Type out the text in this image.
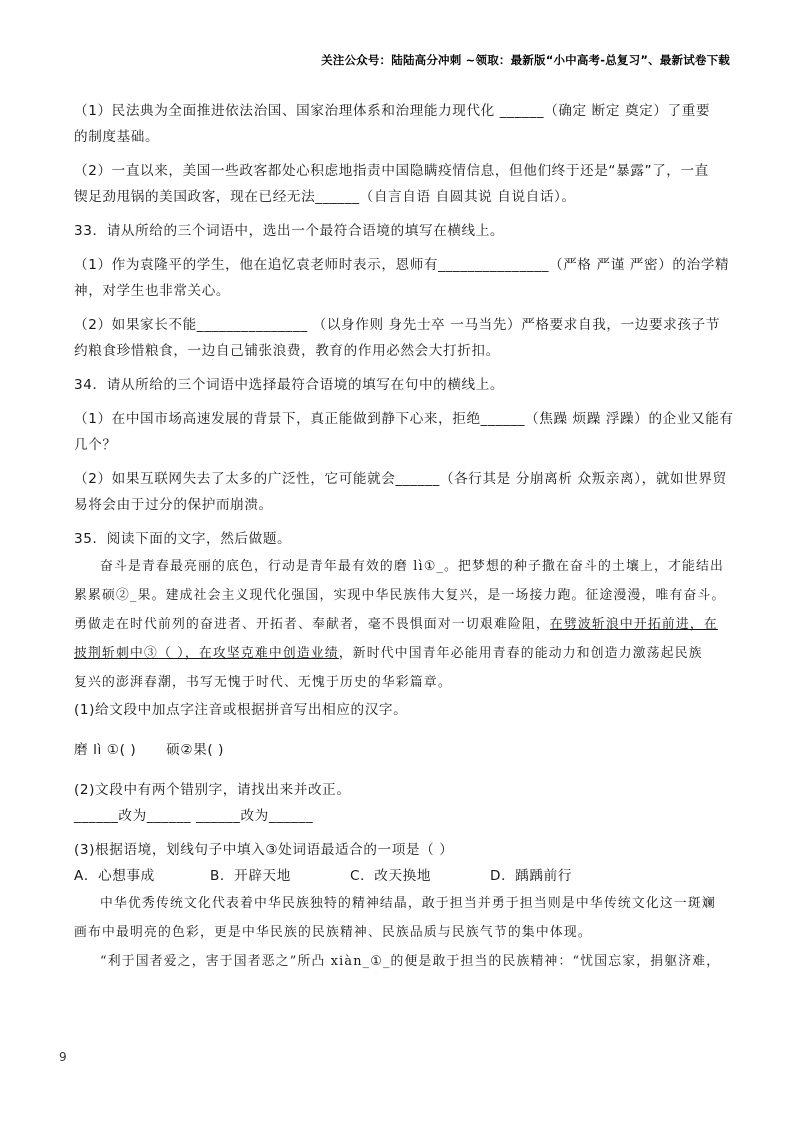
关注公众号：陆陆高分冲刺 ~领取：最新版“小中高考-总复习”、最新试卷下载
（1）民法典为全面推进依法治国、国家治理体系和治理能力现代化 ______（确定 断定 奠定）了重要
的制度基础。
（2）一直以来，美国一些政客都处心积虑地指责中国隐瞒疫情信息，但他们终于还是“暴露”了，一直
锲足劲甩锅的美国政客，现在已经无法______（自言自语 自圆其说 自说自话）。
33．请从所给的三个词语中，选出一个最符合语境的填写在横线上。
（1）作为袁隆平的学生，他在追忆袁老师时表示，恩师有_______________（严格 严谨 严密）的治学精
神，对学生也非常关心。
（2）如果家长不能_______________ （以身作则 身先士卒 一马当先）严格要求自我，一边要求孩子节
约粮食珍惜粮食，一边自己铺张浪费，教育的作用必然会大打折扣。
34．请从所给的三个词语中选择最符合语境的填写在句中的横线上。
（1）在中国市场高速发展的背景下，真正能做到静下心来，拒绝______（焦躁 烦躁 浮躁）的企业又能有
几个？
（2）如果互联网失去了太多的广泛性，它可能就会______（各行其是 分崩离析 众叛亲离），就如世界贸
易将会由于过分的保护而崩溃。
35．阅读下面的文字，然后做题。
奋斗是青春最亮丽的底色，行动是青年最有效的磨 lì①_。把梦想的种子撒在奋斗的土壤上，才能结出
累累硕②_果。建成社会主义现代化强国，实现中华民族伟大复兴，是一场接力跑。征途漫漫，唯有奋斗。
勇做走在时代前列的奋进者、开拓者、奉献者，毫不畏惧面对一切艰难险阻，在劈波斩浪中开拓前进，在
披荆斩刺中③（ ），在攻坚克难中创造业绩，新时代中国青年必能用青春的能动力和创造力激荡起民族
复兴的澎湃春潮，书写无愧于时代、无愧于历史的华彩篇章。
(1)给文段中加点字注音或根据拼音写出相应的汉字。
磨 lì ①( ) 硕②果( )
(2)文段中有两个错别字，请找出来并改正。
______改为______ ______改为______
(3)根据语境，划线句子中填入③处词语最适合的一项是（ ）
A．心想事成	B．开辟天地	C．改天换地	D．踽踽前行
中华优秀传统文化代表着中华民族独特的精神结晶，敢于担当并勇于担当则是中华传统文化这一斑斓
画布中最明亮的色彩，更是中华民族的民族精神、民族品质与民族气节的集中体现。
“利于国者爱之，害于国者恶之”所凸 xiàn_①_的便是敢于担当的民族精神：“忧国忘家，捐躯济难，
9
